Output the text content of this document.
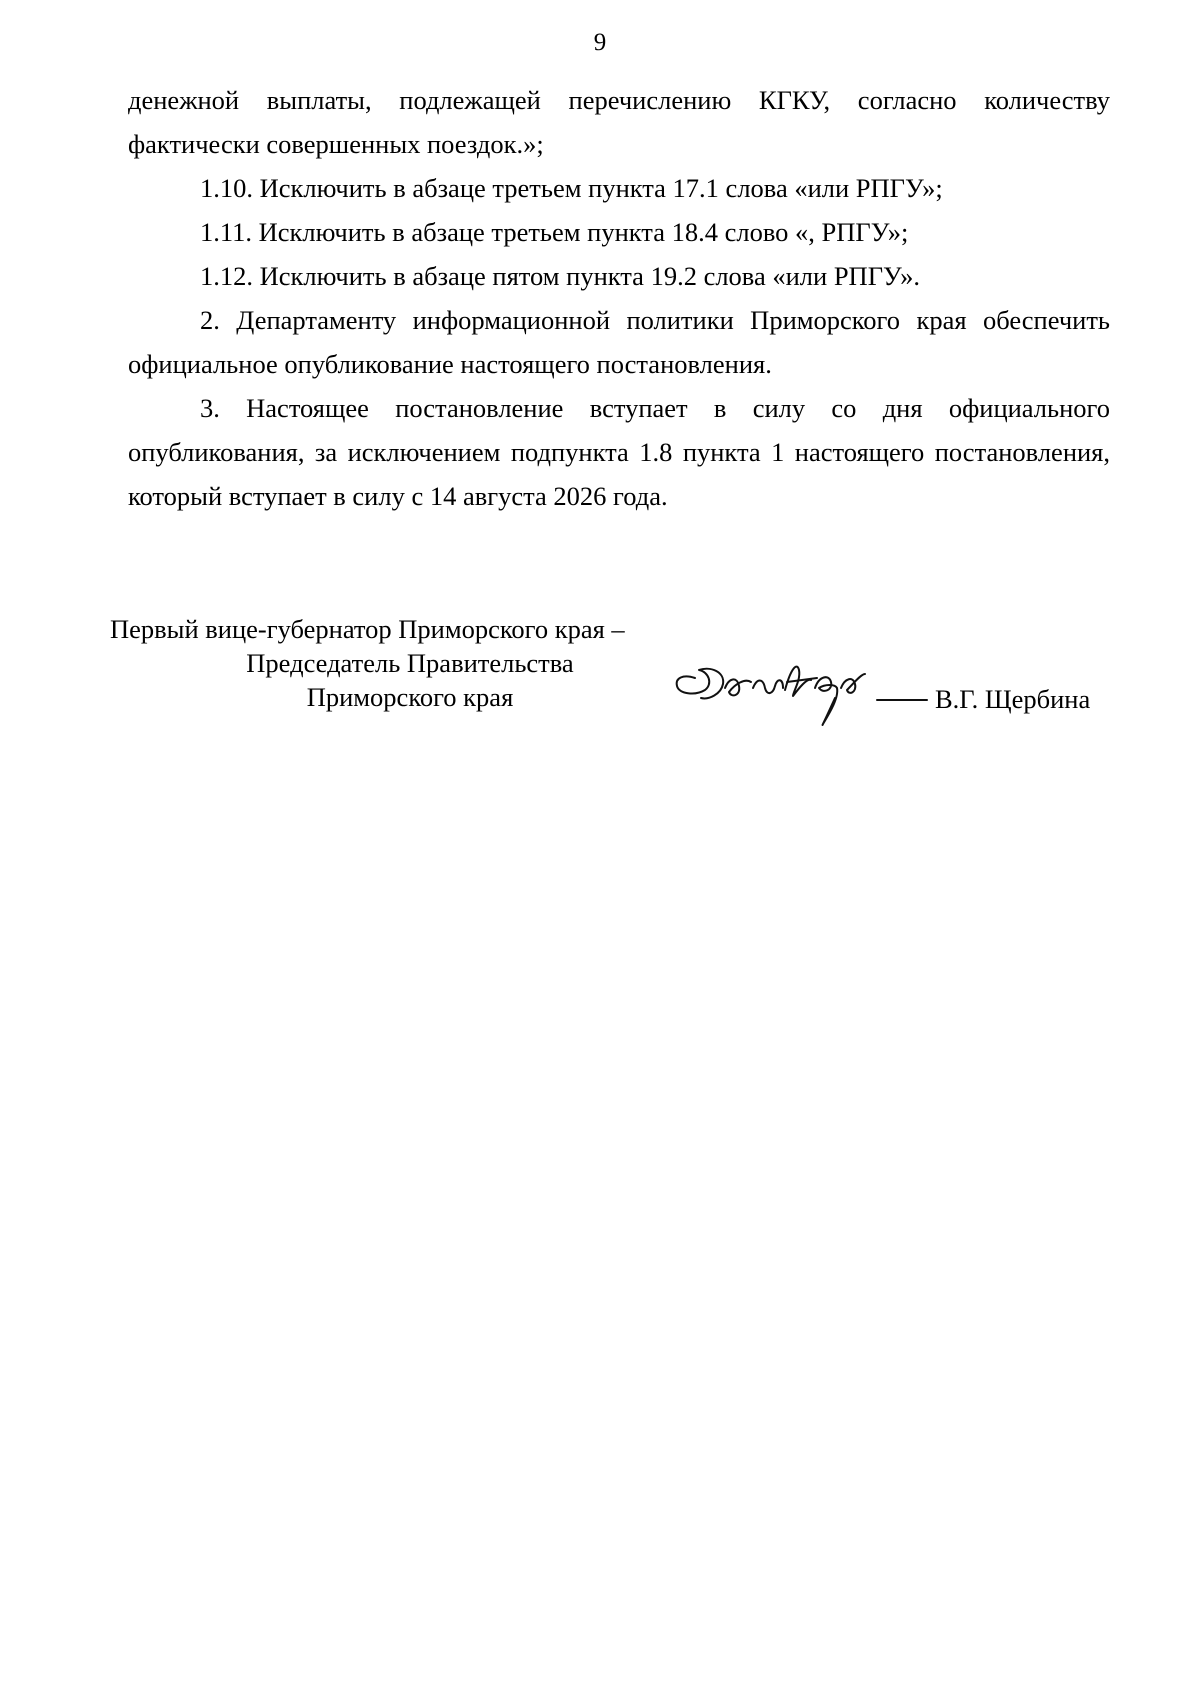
9

денежной выплаты, подлежащей перечислению КГКУ, согласно количеству фактически совершенных поездок.»;

1.10. Исключить в абзаце третьем пункта 17.1 слова «или РПГУ»;

1.11. Исключить в абзаце третьем пункта 18.4 слово «, РПГУ»;

1.12. Исключить в абзаце пятом пункта 19.2 слова «или РПГУ».

2. Департаменту информационной политики Приморского края обеспечить официальное опубликование настоящего постановления.

3. Настоящее постановление вступает в силу со дня официального опубликования, за исключением подпункта 1.8 пункта 1 настоящего постановления, который вступает в силу с 14 августа 2026 года.

Первый вице-губернатор Приморского края –
Председатель Правительства
Приморского края	В.Г. Щербина
